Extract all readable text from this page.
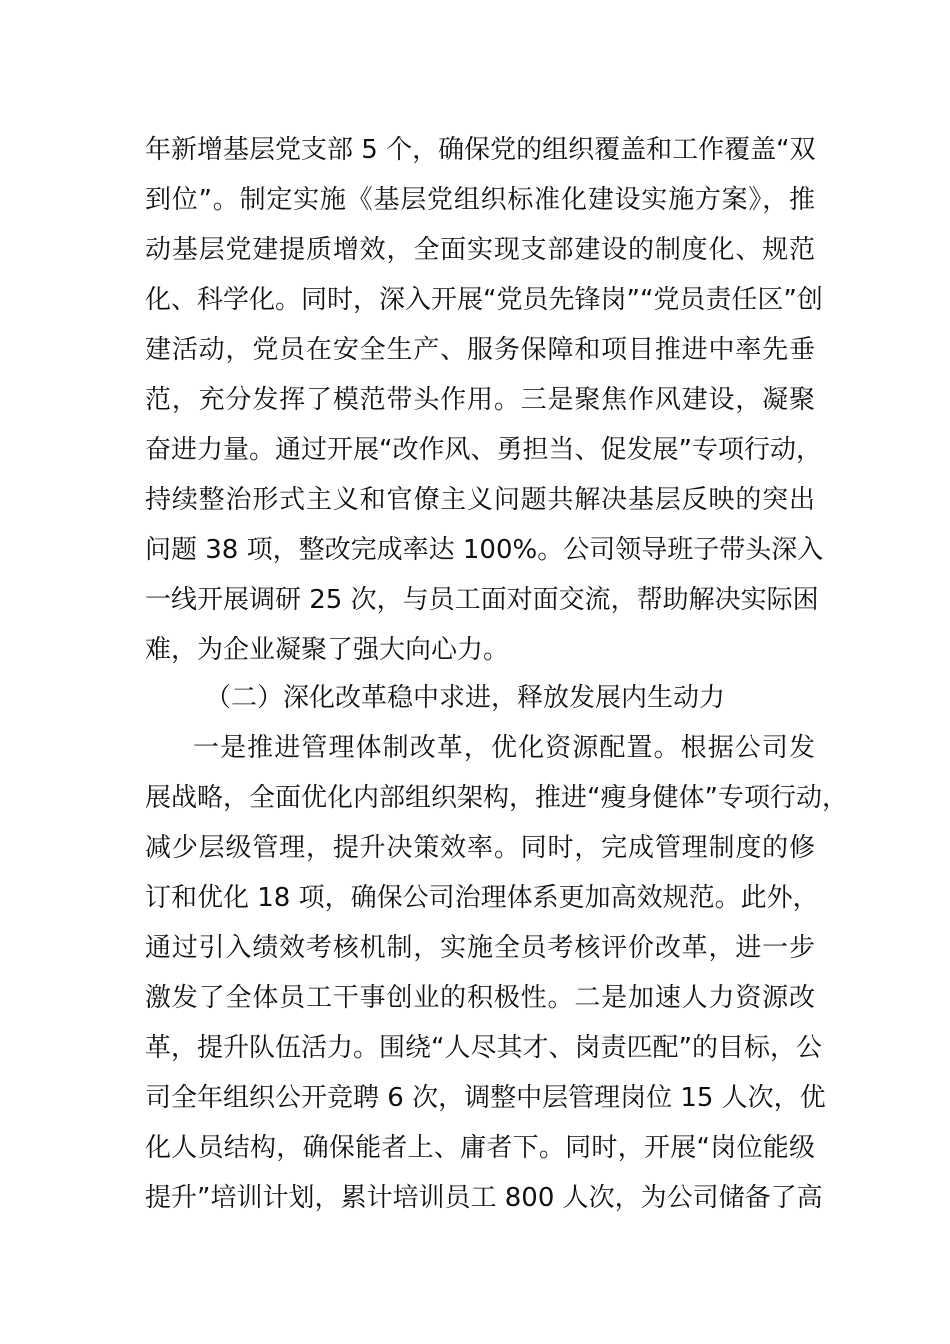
年新增基层党支部 5 个，确保党的组织覆盖和工作覆盖“双
到位”。制定实施《基层党组织标准化建设实施方案》，推
动基层党建提质增效，全面实现支部建设的制度化、规范
化、科学化。同时，深入开展“党员先锋岗”“党员责任区”创
建活动，党员在安全生产、服务保障和项目推进中率先垂
范，充分发挥了模范带头作用。三是聚焦作风建设，凝聚
奋进力量。通过开展“改作风、勇担当、促发展”专项行动，
持续整治形式主义和官僚主义问题共解决基层反映的突出
问题 38 项，整改完成率达 100%。公司领导班子带头深入
一线开展调研 25 次，与员工面对面交流，帮助解决实际困
难，为企业凝聚了强大向心力。
（二）深化改革稳中求进，释放发展内生动力
一是推进管理体制改革，优化资源配置。根据公司发
展战略，全面优化内部组织架构，推进“瘦身健体”专项行动，
减少层级管理，提升决策效率。同时，完成管理制度的修
订和优化 18 项，确保公司治理体系更加高效规范。此外，
通过引入绩效考核机制，实施全员考核评价改革，进一步
激发了全体员工干事创业的积极性。二是加速人力资源改
革，提升队伍活力。围绕“人尽其才、岗责匹配”的目标，公
司全年组织公开竞聘 6 次，调整中层管理岗位 15 人次，优
化人员结构，确保能者上、庸者下。同时，开展“岗位能级
提升”培训计划，累计培训员工 800 人次，为公司储备了高
